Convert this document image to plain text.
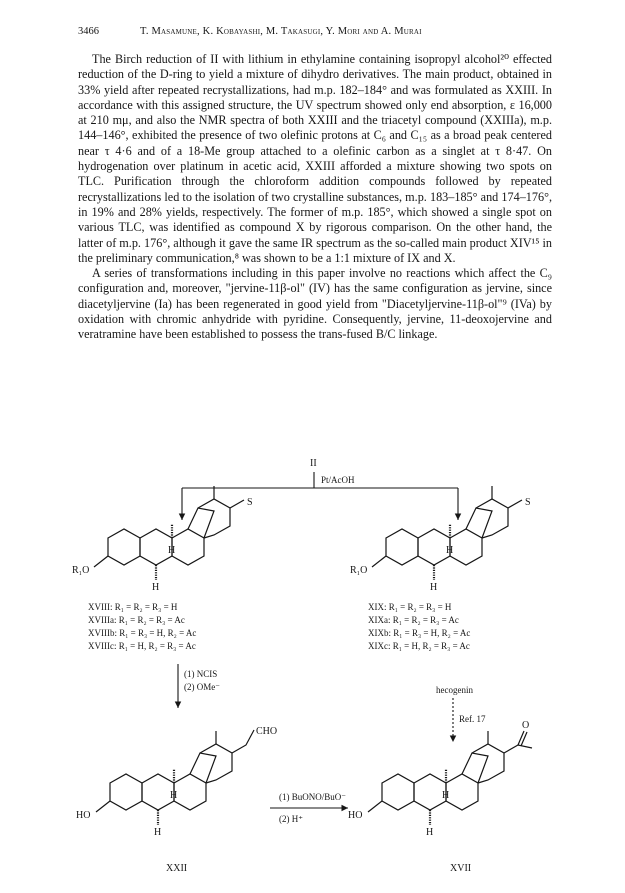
3466	T. Masamune, K. Kobayashi, M. Takasugi, Y. Mori and A. Murai

The Birch reduction of II with lithium in ethylamine containing isopropyl alcohol²⁰ effected reduction of the D-ring to yield a mixture of dihydro derivatives. The main product, obtained in 33% yield after repeated recrystallizations, had m.p. 182–184° and was formulated as XXIII. In accordance with this assigned structure, the UV spectrum showed only end absorption, ε 16,000 at 210 mμ, and also the NMR spectra of both XXIII and the triacetyl compound (XXIIIa), m.p. 144–146°, exhibited the presence of two olefinic protons at C₆ and C₁₅ as a broad peak centered near τ 4·6 and of a 18-Me group attached to a olefinic carbon as a singlet at τ 8·47. On hydrogenation over platinum in acetic acid, XXIII afforded a mixture showing two spots on TLC. Purification through the chloroform addition compounds followed by repeated recrystallizations led to the isolation of two crystalline substances, m.p. 183–185° and 174–176°, in 19% and 28% yields, respectively. The former of m.p. 185°, which showed a single spot on various TLC, was identified as compound X by rigorous comparison. On the other hand, the latter of m.p. 176°, although it gave the same IR spectrum as the so-called main product XIV¹⁵ in the preliminary communication,⁸ was shown to be a 1:1 mixture of IX and X.

A series of transformations including in this paper involve no reactions which affect the C₉ configuration and, moreover, "jervine-11β-ol" (IV) has the same configuration as jervine, since diacetyljervine (Ia) has been regenerated in good yield from "Diacetyljervine-11β-ol"⁹ (IVa) by oxidation with chromic anhydride with pyridine. Consequently, jervine, 11-deoxojervine and veratramine have been established to possess the trans-fused B/C linkage.

II
Pt/AcOH
H
H
S
R₁O
H
H
S
R₁O
XVIII: R₁ = R₂ = R₃ = H
XVIIIa: R₁ = R₂ = R₃ = Ac
XVIIIb: R₁ = R₃ = H, R₂ = Ac
XVIIIc: R₁ = H, R₂ = R₃ = Ac
XIX: R₁ = R₂ = R₃ = H
XIXa: R₁ = R₂ = R₃ = Ac
XIXb: R₁ = R₃ = H, R₂ = Ac
XIXc: R₁ = H, R₂ = R₃ = Ac
(1) NCIS
(2) OMe⁻	hecogenin
Ref. 17
H
H
CHO
HO
XXII
(1) BuONO/BuO⁻
(2) H⁺
H
H
O
HO
XVII
